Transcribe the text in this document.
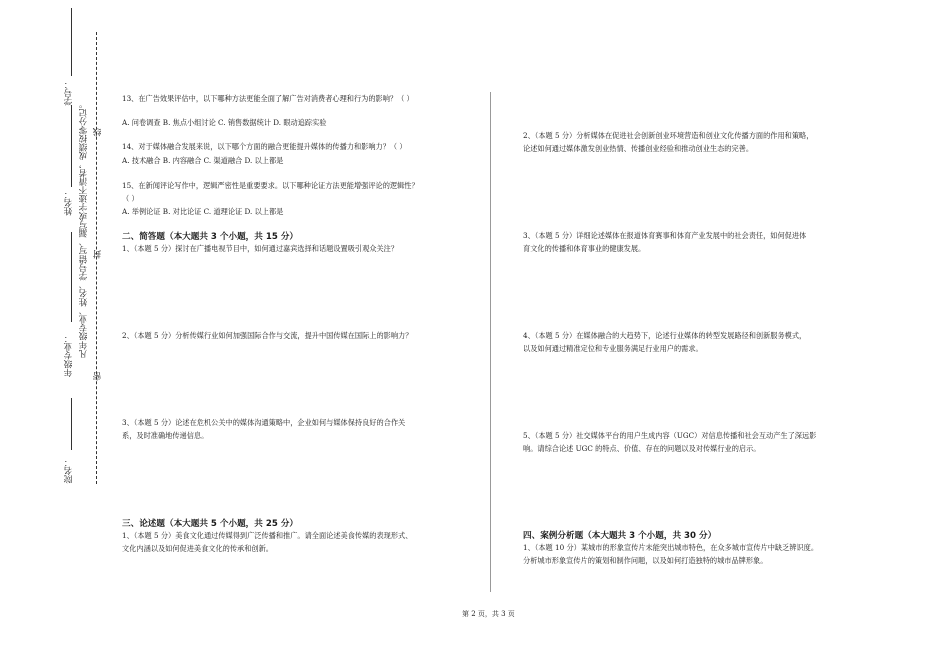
学号：
姓名：
年级专业：
院名：
凡年级专业、姓名、学号错写、漏写或字迹不清者，成绩按零分记。 线
封
密
13、在广告效果评估中，以下哪种方法更能全面了解广告对消费者心理和行为的影响？（ ）
A. 问卷调查 B. 焦点小组讨论 C. 销售数据统计 D. 眼动追踪实验
14、对于媒体融合发展来说，以下哪个方面的融合更能提升媒体的传播力和影响力？（ ）
A. 技术融合 B. 内容融合 C. 渠道融合 D. 以上都是
15、在新闻评论写作中，逻辑严密性是重要要求。以下哪种论证方法更能增强评论的逻辑性？
（ ）
A. 举例论证 B. 对比论证 C. 道理论证 D. 以上都是
二、简答题（本大题共 3 个小题，共 15 分）
1、（本题 5 分）探讨在广播电视节目中，如何通过嘉宾选择和话题设置吸引观众关注？
2、（本题 5 分）分析传媒行业如何加强国际合作与交流，提升中国传媒在国际上的影响力？
3、（本题 5 分）论述在危机公关中的媒体沟通策略中，企业如何与媒体保持良好的合作关
系，及时准确地传递信息。
三、论述题（本大题共 5 个小题，共 25 分）
1、（本题 5 分）美食文化通过传媒得到广泛传播和推广。请全面论述美食传媒的表现形式、
文化内涵以及如何促进美食文化的传承和创新。
2、（本题 5 分）分析媒体在促进社会创新创业环境营造和创业文化传播方面的作用和策略，
论述如何通过媒体激发创业热情、传播创业经验和推动创业生态的完善。
3、（本题 5 分）详细论述媒体在报道体育赛事和体育产业发展中的社会责任，如何促进体
育文化的传播和体育事业的健康发展。
4、（本题 5 分）在媒体融合的大趋势下，论述行业媒体的转型发展路径和创新服务模式，
以及如何通过精准定位和专业服务满足行业用户的需求。
5、（本题 5 分）社交媒体平台的用户生成内容（UGC）对信息传播和社会互动产生了深远影
响。请综合论述 UGC 的特点、价值、存在的问题以及对传媒行业的启示。
四、案例分析题（本大题共 3 个小题，共 30 分）
1、（本题 10 分）某城市的形象宣传片未能突出城市特色，在众多城市宣传片中缺乏辨识度。
分析城市形象宣传片的策划和制作问题，以及如何打造独特的城市品牌形象。
第 2 页，共 3 页
